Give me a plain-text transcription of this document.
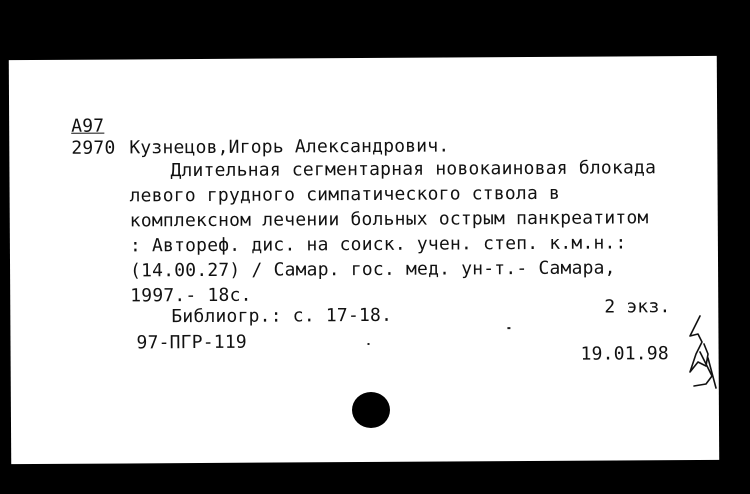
А97
2970 Кузнецов,Игорь Александрович.
Длительная сегментарная новокаиновая блокада
левого грудного симпатического ствола в
комплексном лечении больных острым панкреатитом
: Автореф. дис. на соиск. учен. степ. к.м.н.:
(14.00.27) / Самар. гос. мед. ун-т.- Самара,
1997.- 18с.
2 экз.
Библиогр.: с. 17-18.
97-ПГР-119
19.01.98
